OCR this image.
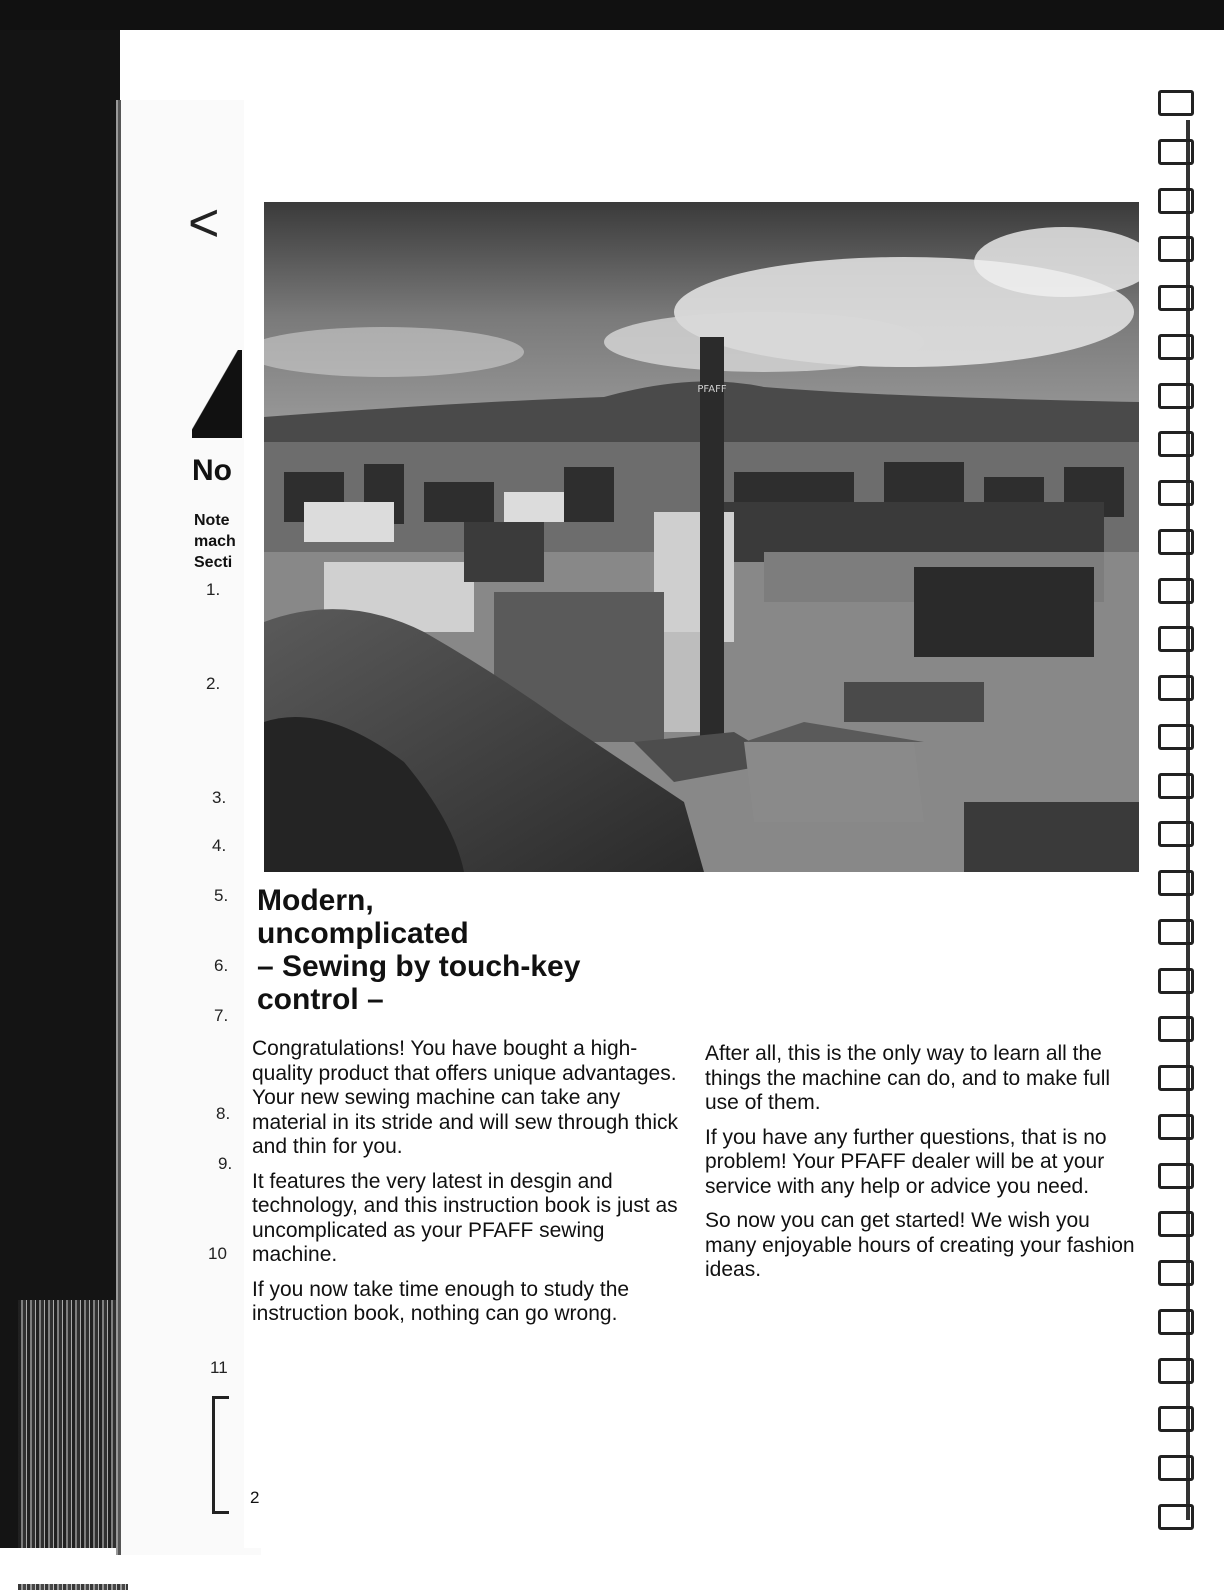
<
No
Note
mach
Secti
1.
2.
3.
4.
5.
6.
7.
8.
9.
10
11
PFAFF
Modern,
uncomplicated
– Sewing by touch-key
control –

Congratulations! You have bought a high-quality product that offers unique advantages. Your new sewing machine can take any material in its stride and will sew through thick and thin for you.

It features the very latest in desgin and technology, and this instruction book is just as uncomplicated as your PFAFF sewing machine.

If you now take time enough to study the instruction book, nothing can go wrong.

After all, this is the only way to learn all the things the machine can do, and to make full use of them.

If you have any further questions, that is no problem! Your PFAFF dealer will be at your service with any help or advice you need.

So now you can get started! We wish you many enjoyable hours of creating your fashion ideas.

2
